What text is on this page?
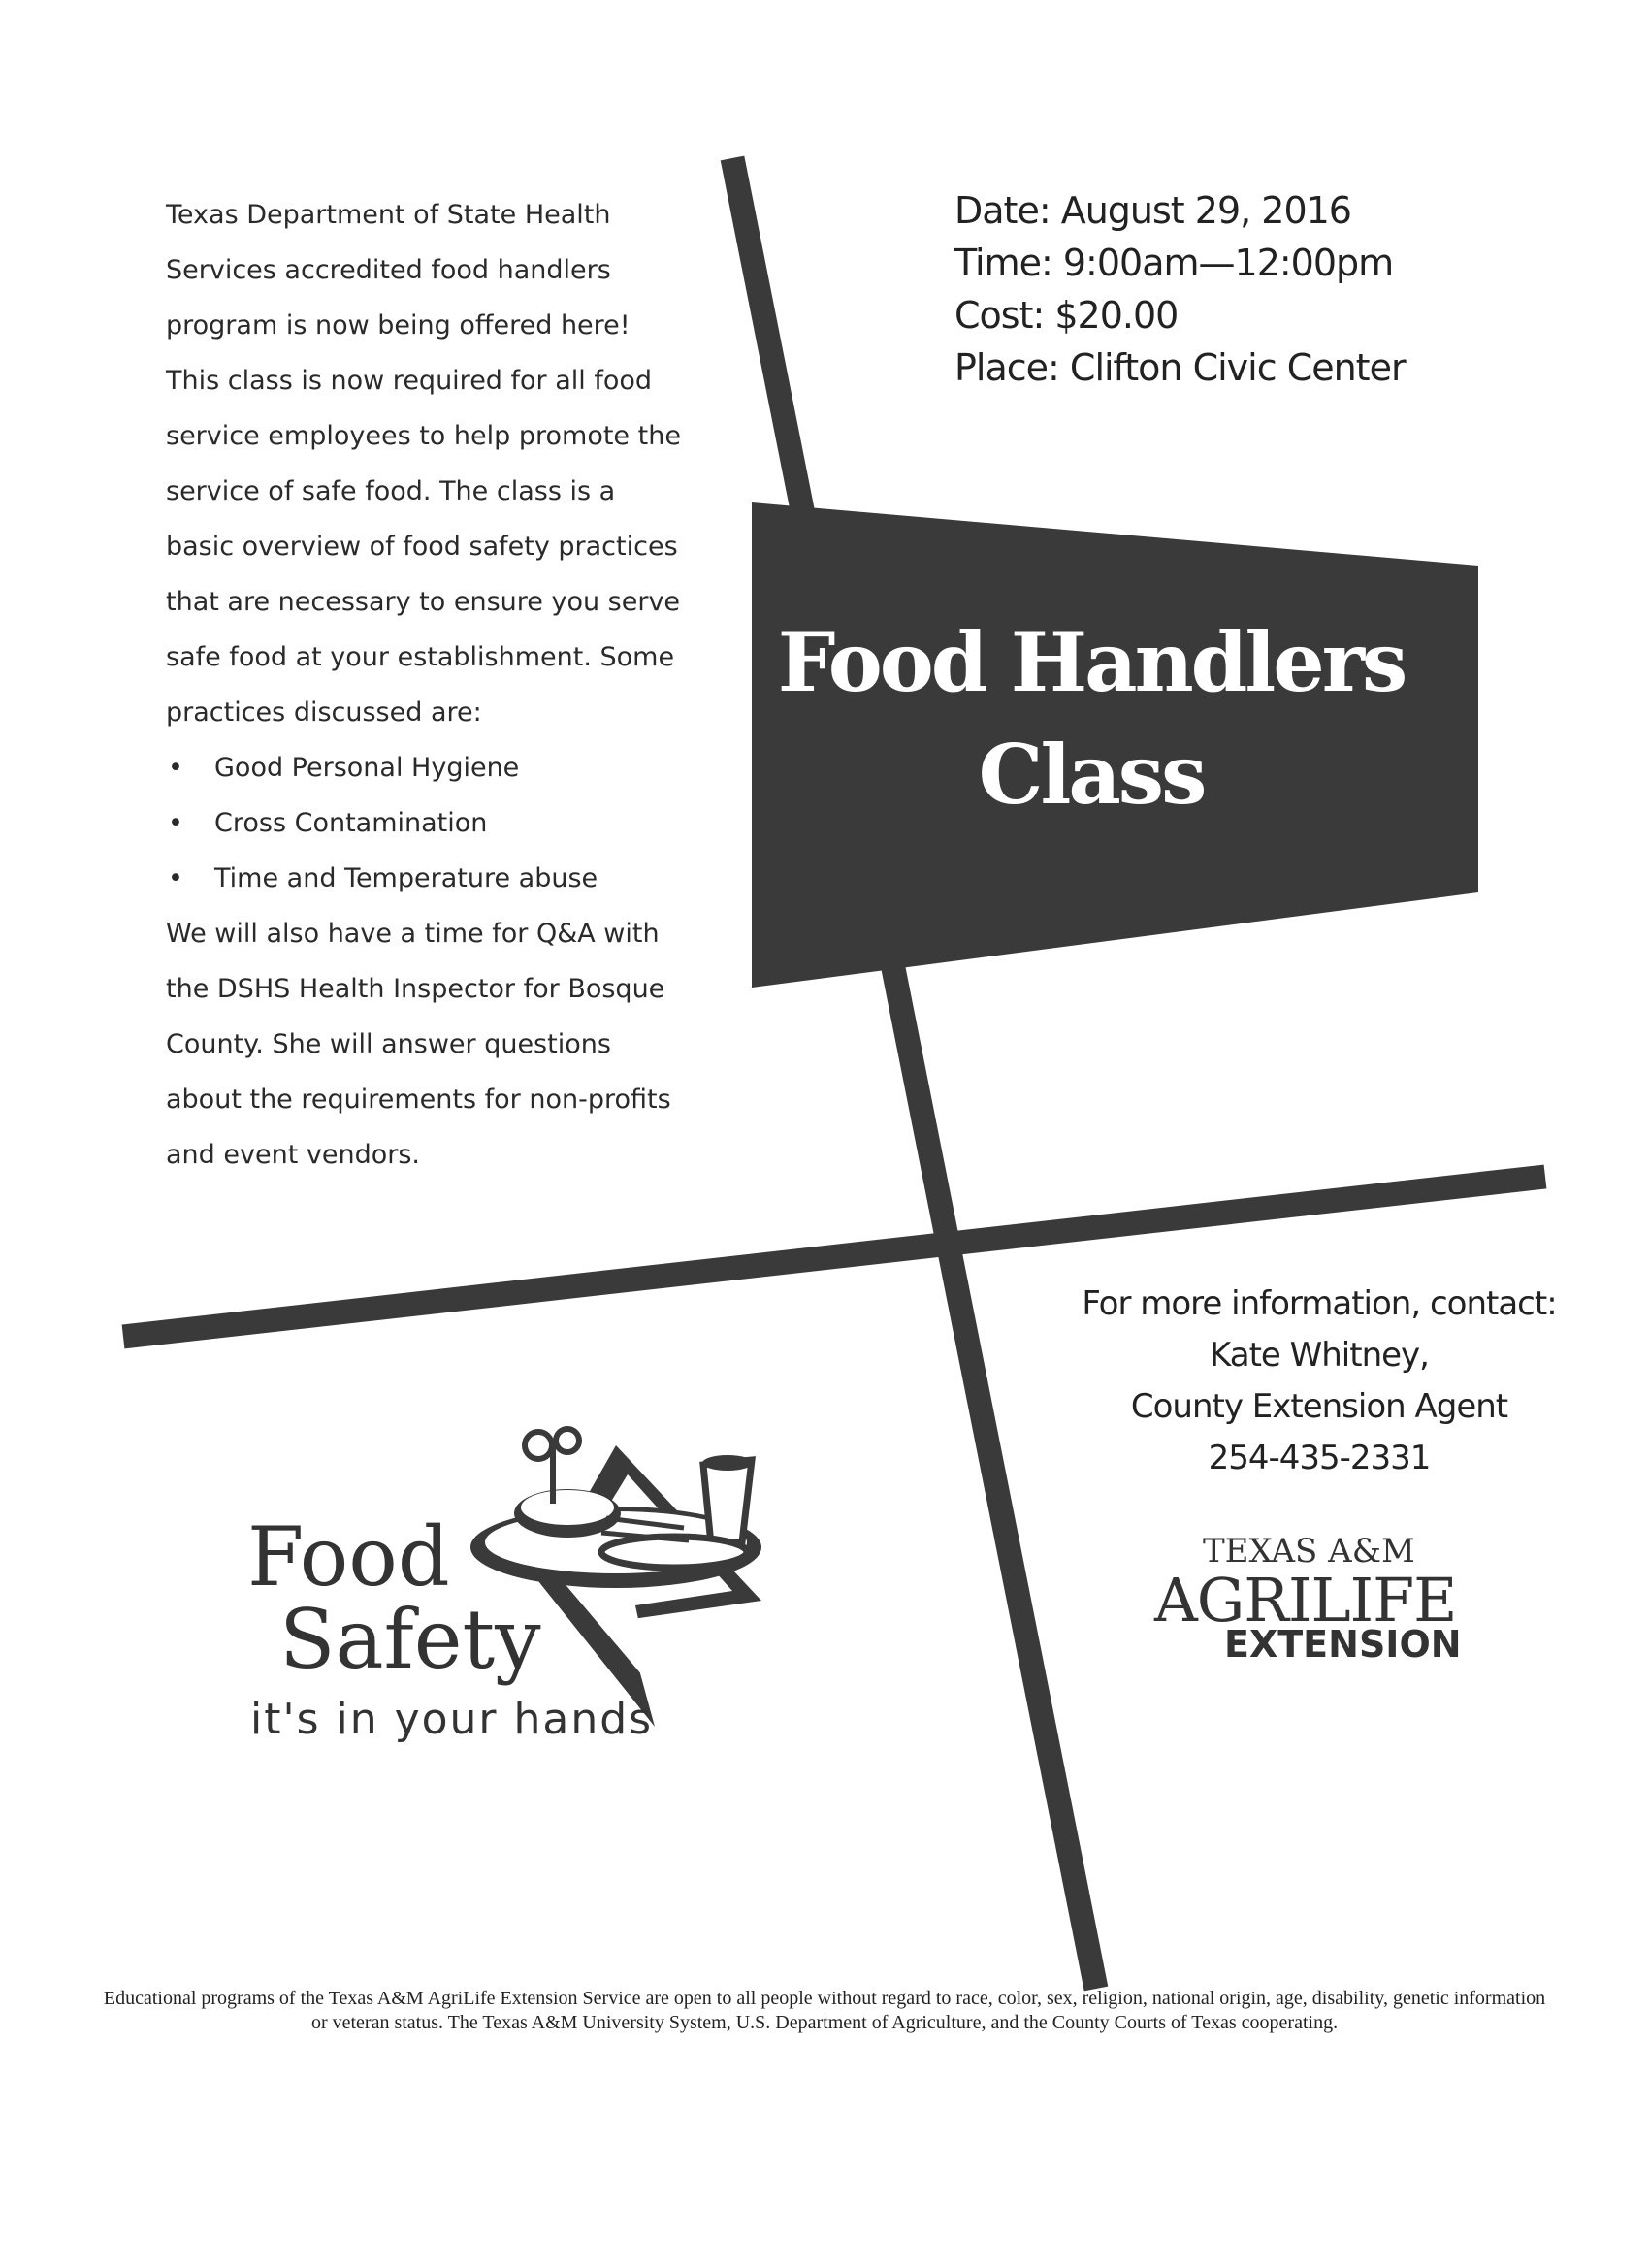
Texas Department of State Health Services accredited food handlers program is now being offered here! This class is now required for all food service employees to help promote the service of safe food. The class is a basic overview of food safety practices that are necessary to ensure you serve safe food at your establishment. Some practices discussed are:

• Good Personal Hygiene
• Cross Contamination
• Time and Temperature abuse

We will also have a time for Q&A with the DSHS Health Inspector for Bosque County. She will answer questions about the requirements for non-profits and event vendors.

Date: August 29, 2016
Time: 9:00am—12:00pm
Cost: $20.00
Place: Clifton Civic Center
Food Handlers
Class
For more information, contact:
Kate Whitney,
County Extension Agent
254-435-2331
Food
Safety
it's in your hands
TEXAS A&M
AGRILIFE
EXTENSION
Educational programs of the Texas A&M AgriLife Extension Service are open to all people without regard to race, color, sex, religion, national origin, age, disability, genetic information or veteran status. The Texas A&M University System, U.S. Department of Agriculture, and the County Courts of Texas cooperating.
